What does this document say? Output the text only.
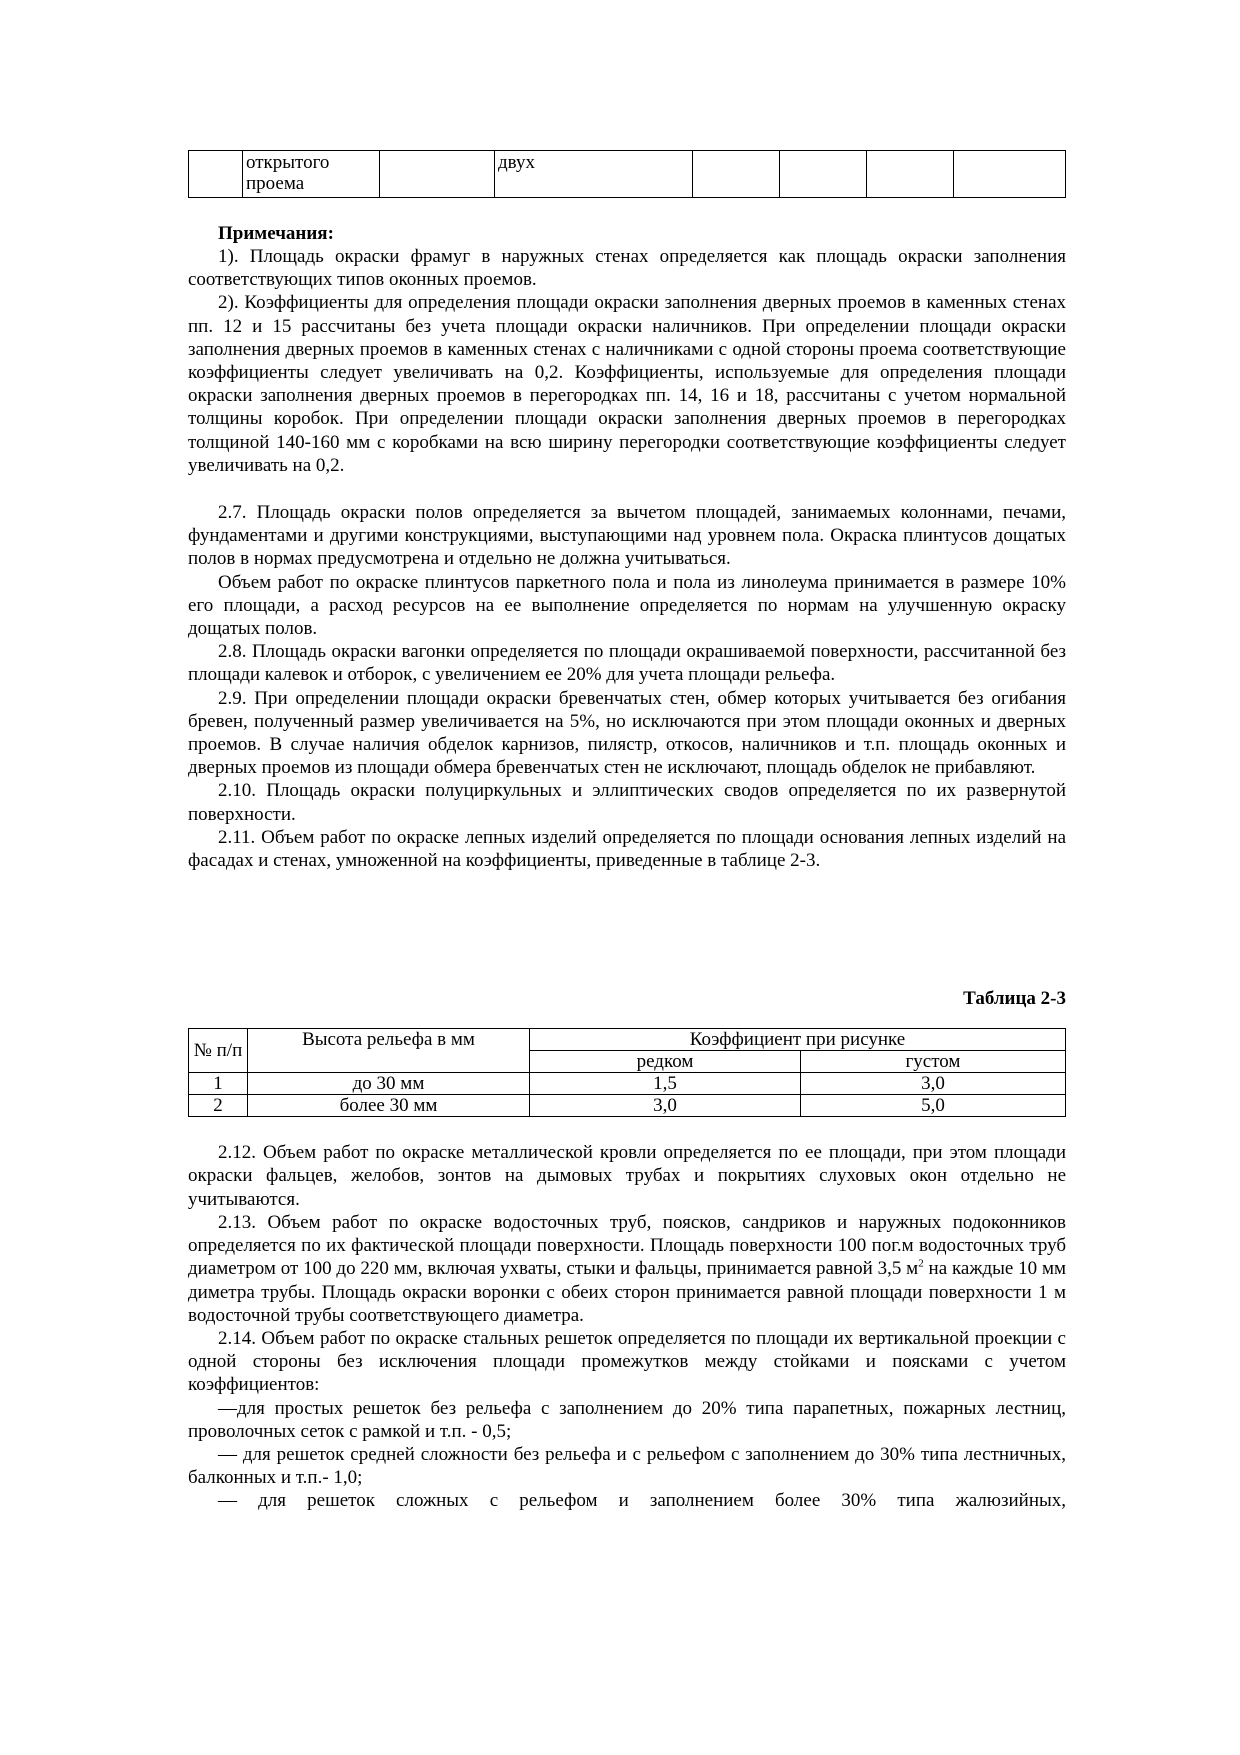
	открытого проема		двух				

Примечания:

1). Площадь окраски фрамуг в наружных стенах определяется как площадь окраски заполнения соответствующих типов оконных проемов.

2). Коэффициенты для определения площади окраски заполнения дверных проемов в каменных стенах пп. 12 и 15 рассчитаны без учета площади окраски наличников. При определении площади окраски заполнения дверных проемов в каменных стенах с наличниками с одной стороны проема соответствующие коэффициенты следует увеличивать на 0,2. Коэффициенты, используемые для определения площади окраски заполнения дверных проемов в перегородках пп. 14, 16 и 18, рассчитаны с учетом нормальной толщины коробок. При определении площади окраски заполнения дверных проемов в перегородках толщиной 140-160 мм с коробками на всю ширину перегородки соответствующие коэффициенты следует увеличивать на 0,2.

2.7. Площадь окраски полов определяется за вычетом площадей, занимаемых колоннами, печами, фундаментами и другими конструкциями, выступающими над уровнем пола. Окраска плинтусов дощатых полов в нормах предусмотрена и отдельно не должна учитываться.

Объем работ по окраске плинтусов паркетного пола и пола из линолеума принимается в размере 10% его площади, а расход ресурсов на ее выполнение определяется по нормам на улучшенную окраску дощатых полов.

2.8. Площадь окраски вагонки определяется по площади окрашиваемой поверхности, рассчитанной без площади калевок и отборок, с увеличением ее 20% для учета площади рельефа.

2.9. При определении площади окраски бревенчатых стен, обмер которых учитывается без огибания бревен, полученный размер увеличивается на 5%, но исключаются при этом площади оконных и дверных проемов. В случае наличия обделок карнизов, пилястр, откосов, наличников и т.п. площадь оконных и дверных проемов из площади обмера бревенчатых стен не исключают, площадь обделок не прибавляют.

2.10. Площадь окраски полуциркульных и эллиптических сводов определяется по их развернутой поверхности.

2.11. Объем работ по окраске лепных изделий определяется по площади основания лепных изделий на фасадах и стенах, умноженной на коэффициенты, приведенные в таблице 2-3.

Таблица 2-3

№ п/п	Высота рельефа в мм	Коэффициент при рисунке	
		редком	густом
1	до 30 мм	1,5	3,0
2	более 30 мм	3,0	5,0

2.12. Объем работ по окраске металлической кровли определяется по ее площади, при этом площади окраски фальцев, желобов, зонтов на дымовых трубах и покрытиях слуховых окон отдельно не учитываются.

2.13. Объем работ по окраске водосточных труб, поясков, сандриков и наружных подоконников определяется по их фактической площади поверхности. Площадь поверхности 100 пог.м водосточных труб диаметром от 100 до 220 мм, включая ухваты, стыки и фальцы, принимается равной 3,5 $м^2$ на каждые 10 мм диметра трубы. Площадь окраски воронки с обеих сторон принимается равной площади поверхности 1 м водосточной трубы соответствующего диаметра.

2.14. Объем работ по окраске стальных решеток определяется по площади их вертикальной проекции с одной стороны без исключения площади промежутков между стойками и поясками с учетом коэффициентов:

—для простых решеток без рельефа с заполнением до 20% типа парапетных, пожарных лестниц, проволочных сеток с рамкой и т.п. - 0,5;

— для решеток средней сложности без рельефа и с рельефом с заполнением до 30% типа лестничных, балконных и т.п.- 1,0;

— для решеток сложных с рельефом и заполнением более 30% типа жалюзийных,
